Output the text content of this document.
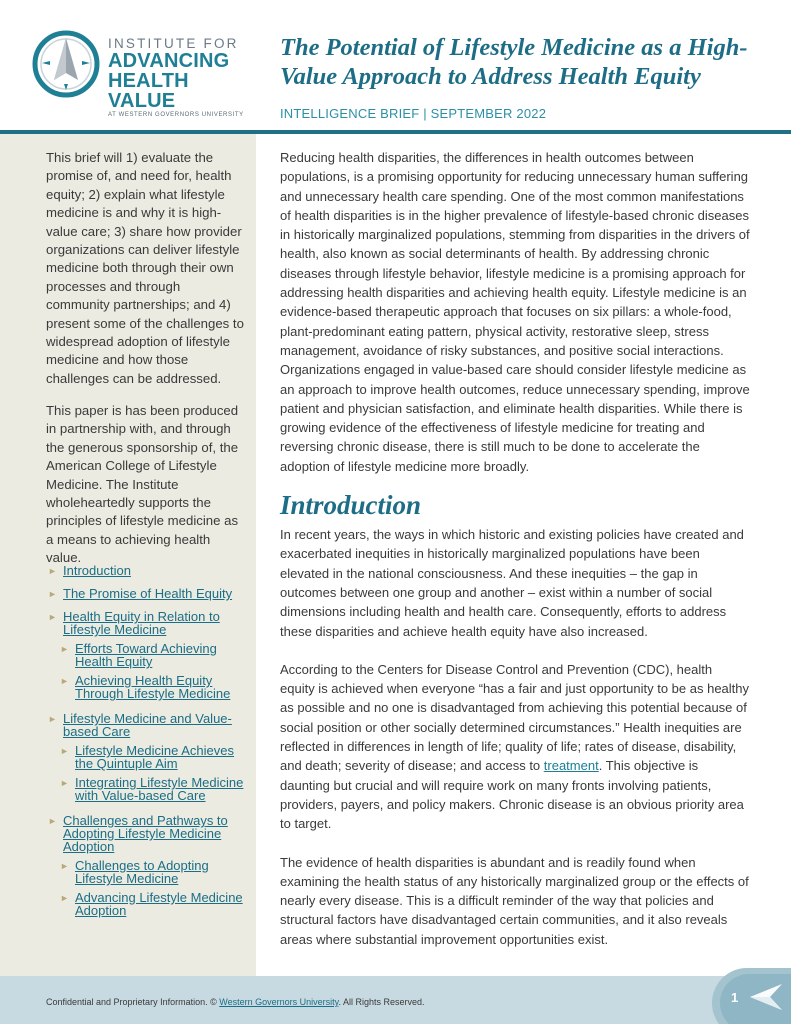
INSTITUTE FOR
ADVANCING
HEALTH VALUE
AT WESTERN GOVERNORS UNIVERSITY
The Potential of Lifestyle Medicine as a High-Value Approach to Address Health Equity
INTELLIGENCE BRIEF | SEPTEMBER 2022

This brief will 1) evaluate the promise of, and need for, health equity; 2) explain what lifestyle medicine is and why it is high-value care; 3) share how provider organizations can deliver lifestyle medicine both through their own processes and through community partnerships; and 4) present some of the challenges to widespread adoption of lifestyle medicine and how those challenges can be addressed.

This paper is has been produced in partnership with, and through the generous sponsorship of, the American College of Lifestyle Medicine. The Institute wholeheartedly supports the principles of lifestyle medicine as a means to achieving health value.

► Introduction
► The Promise of Health Equity
► Health Equity in Relation to Lifestyle Medicine
► Efforts Toward Achieving Health Equity
► Achieving Health Equity Through Lifestyle Medicine
► Lifestyle Medicine and Value-based Care
► Lifestyle Medicine Achieves the Quintuple Aim
► Integrating Lifestyle Medicine with Value-based Care
► Challenges and Pathways to Adopting Lifestyle Medicine Adoption
► Challenges to Adopting Lifestyle Medicine
► Advancing Lifestyle Medicine Adoption

Reducing health disparities, the differences in health outcomes between populations, is a promising opportunity for reducing unnecessary human suffering and unnecessary health care spending. One of the most common manifestations of health disparities is in the higher prevalence of lifestyle-based chronic diseases in historically marginalized populations, stemming from disparities in the drivers of health, also known as social determinants of health. By addressing chronic diseases through lifestyle behavior, lifestyle medicine is a promising approach for addressing health disparities and achieving health equity. Lifestyle medicine is an evidence-based therapeutic approach that focuses on six pillars: a whole-food, plant-predominant eating pattern, physical activity, restorative sleep, stress management, avoidance of risky substances, and positive social interactions. Organizations engaged in value-based care should consider lifestyle medicine as an approach to improve health outcomes, reduce unnecessary spending, improve patient and physician satisfaction, and eliminate health disparities. While there is growing evidence of the effectiveness of lifestyle medicine for treating and reversing chronic disease, there is still much to be done to accelerate the adoption of lifestyle medicine more broadly.

Introduction

In recent years, the ways in which historic and existing policies have created and exacerbated inequities in historically marginalized populations have been elevated in the national consciousness. And these inequities – the gap in outcomes between one group and another – exist within a number of social dimensions including health and health care. Consequently, efforts to address these disparities and achieve health equity have also increased.

According to the Centers for Disease Control and Prevention (CDC), health equity is achieved when everyone “has a fair and just opportunity to be as healthy as possible and no one is disadvantaged from achieving this potential because of social position or other socially determined circumstances.” Health inequities are reflected in differences in length of life; quality of life; rates of disease, disability, and death; severity of disease; and access to treatment. This objective is daunting but crucial and will require work on many fronts involving patients, providers, payers, and policy makers. Chronic disease is an obvious priority area to target.

The evidence of health disparities is abundant and is readily found when examining the health status of any historically marginalized group or the effects of nearly every disease. This is a difficult reminder of the way that policies and structural factors have disadvantaged certain communities, and it also reveals areas where substantial improvement opportunities exist.

Confidential and Proprietary Information. © Western Governors University. All Rights Reserved.	1
